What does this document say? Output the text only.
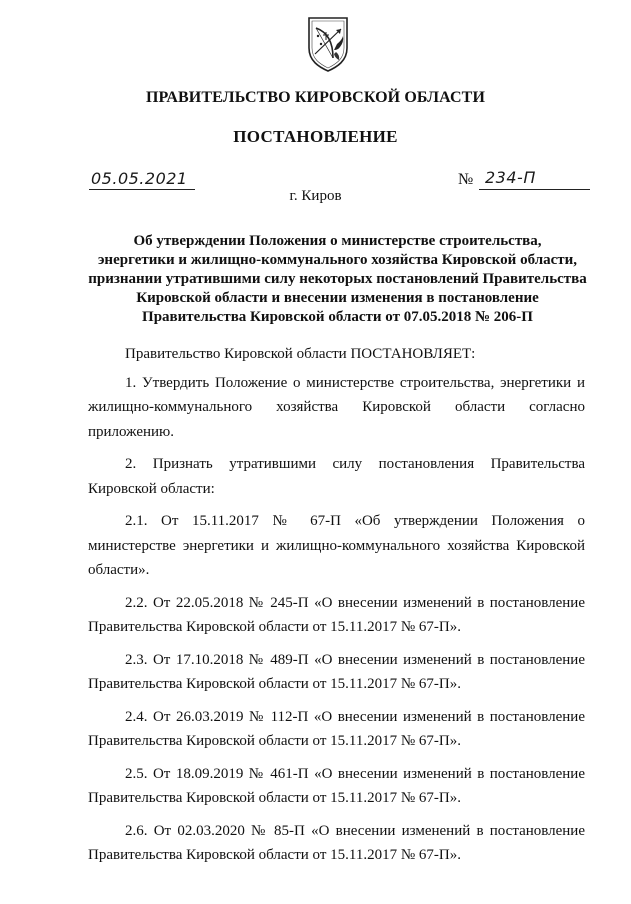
ПРАВИТЕЛЬСТВО КИРОВСКОЙ ОБЛАСТИ
ПОСТАНОВЛЕНИЕ
05.05.2021	№ 234-П
г. Киров
Об утверждении Положения о министерстве строительства,
энергетики и жилищно-коммунального хозяйства Кировской области,
признании утратившими силу некоторых постановлений Правительства
Кировской области и внесении изменения в постановление
Правительства Кировской области от 07.05.2018 № 206-П

Правительство Кировской области ПОСТАНОВЛЯЕТ:

1. Утвердить Положение о министерстве строительства, энергетики и жилищно-коммунального хозяйства Кировской области согласно приложению.

2. Признать утратившими силу постановления Правительства Кировской области:

2.1. От 15.11.2017 № 67-П «Об утверждении Положения о министерстве энергетики и жилищно-коммунального хозяйства Кировской области».

2.2. От 22.05.2018 № 245-П «О внесении изменений в постановление Правительства Кировской области от 15.11.2017 № 67-П».

2.3. От 17.10.2018 № 489-П «О внесении изменений в постановление Правительства Кировской области от 15.11.2017 № 67-П».

2.4. От 26.03.2019 № 112-П «О внесении изменений в постановление Правительства Кировской области от 15.11.2017 № 67-П».

2.5. От 18.09.2019 № 461-П «О внесении изменений в постановление Правительства Кировской области от 15.11.2017 № 67-П».

2.6. От 02.03.2020 № 85-П «О внесении изменений в постановление Правительства Кировской области от 15.11.2017 № 67-П».
